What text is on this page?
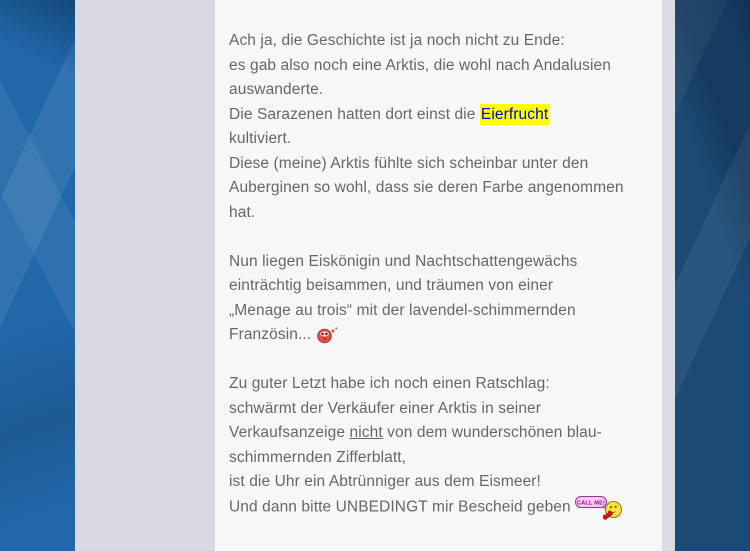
Ach ja, die Geschichte ist ja noch nicht zu Ende:
es gab also noch eine Arktis, die wohl nach Andalusien
auswanderte.
Die Sarazenen hatten dort einst die Eierfrucht
kultiviert.
Diese (meine) Arktis fühlte sich scheinbar unter den
Auberginen so wohl, dass sie deren Farbe angenommen
hat.
Nun liegen Eiskönigin und Nachtschattengewächs
einträchtig beisammen, und träumen von einer
„Menage au trois“ mit der lavendel-schimmernden
Französin...
Zu guter Letzt habe ich noch einen Ratschlag:
schwärmt der Verkäufer einer Arktis in seiner
Verkaufsanzeige nicht von dem wunderschönen blau-
schimmernden Zifferblatt,
ist die Uhr ein Abtrünniger aus dem Eismeer!
Und dann bitte UNBEDINGT mir Bescheid geben CALL ME!
